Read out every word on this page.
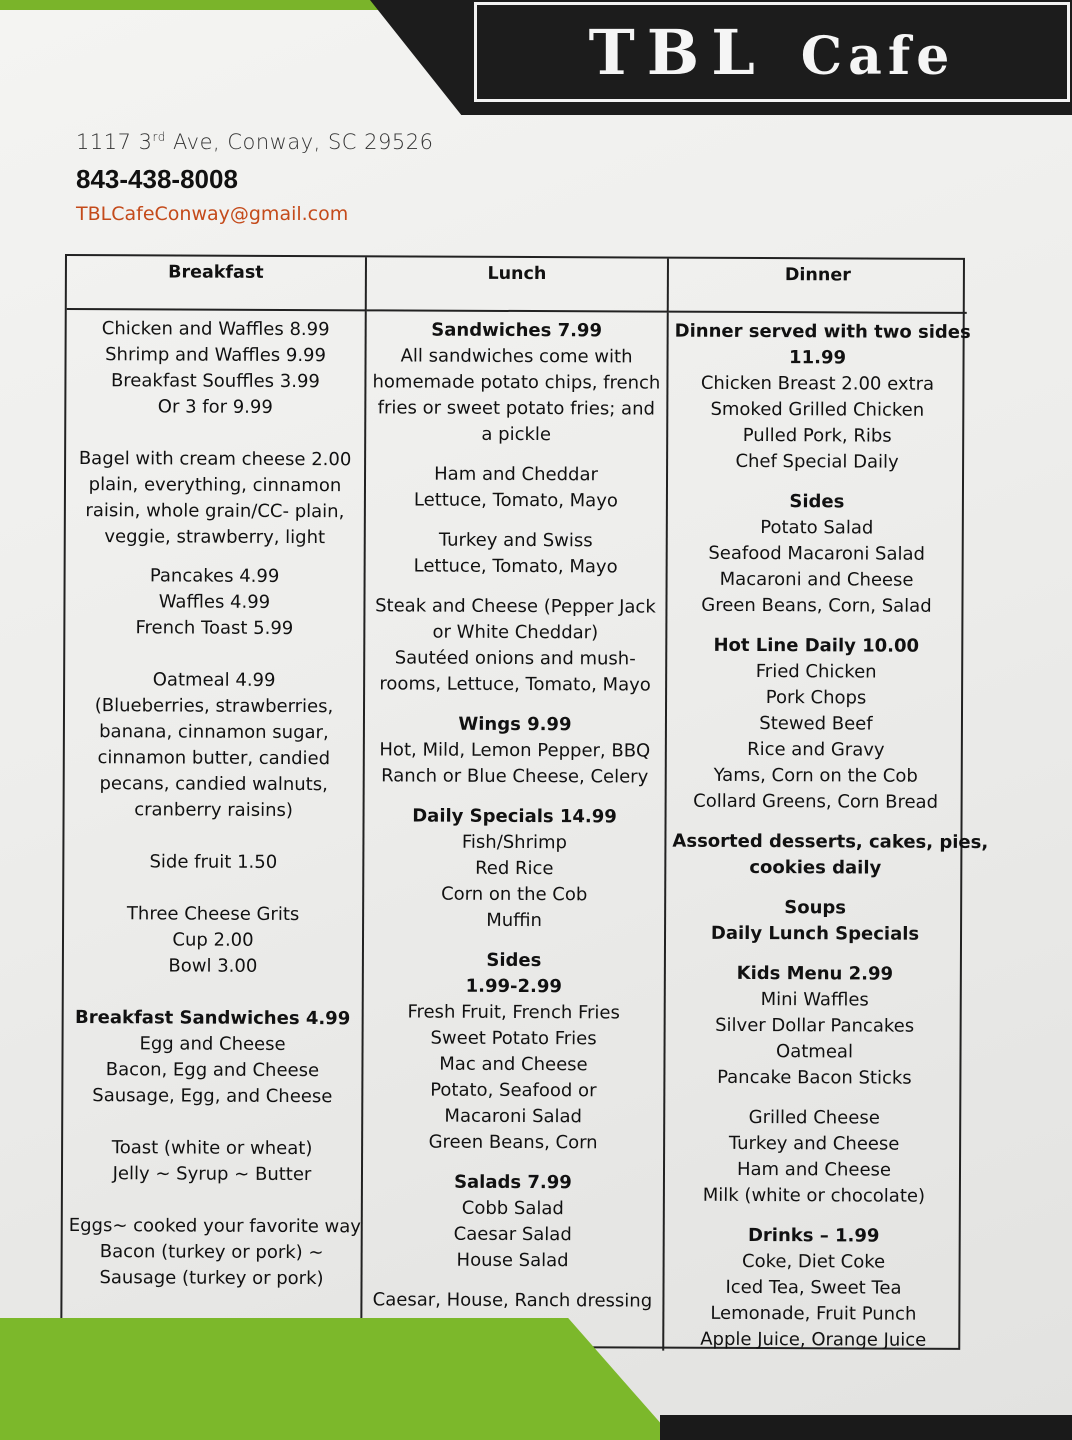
TBL Cafe
1117 3rd Ave, Conway, SC 29526
843-438-8008
TBLCafeConway@gmail.com
Breakfast	Lunch	Dinner
Chicken and Waffles 8.99
Shrimp and Waffles 9.99
Breakfast Souffles 3.99
Or 3 for 9.99
Bagel with cream cheese 2.00
plain, everything, cinnamon
raisin, whole grain/CC- plain,
veggie, strawberry, light
Pancakes 4.99
Waffles 4.99
French Toast 5.99
Oatmeal 4.99
(Blueberries, strawberries,
banana, cinnamon sugar,
cinnamon butter, candied
pecans, candied walnuts,
cranberry raisins)
Side fruit 1.50
Three Cheese Grits
Cup 2.00
Bowl 3.00
Breakfast Sandwiches 4.99
Egg and Cheese
Bacon, Egg and Cheese
Sausage, Egg, and Cheese
Toast (white or wheat)
Jelly ~ Syrup ~ Butter
Eggs~ cooked your favorite way
Bacon (turkey or pork) ~
Sausage (turkey or pork)
Sandwiches 7.99
All sandwiches come with
homemade potato chips, french
fries or sweet potato fries; and
a pickle
Ham and Cheddar
Lettuce, Tomato, Mayo
Turkey and Swiss
Lettuce, Tomato, Mayo
Steak and Cheese (Pepper Jack
or White Cheddar)
Sautéed onions and mush-
rooms, Lettuce, Tomato, Mayo
Wings 9.99
Hot, Mild, Lemon Pepper, BBQ
Ranch or Blue Cheese, Celery
Daily Specials 14.99
Fish/Shrimp
Red Rice
Corn on the Cob
Muffin
Sides
1.99-2.99
Fresh Fruit, French Fries
Sweet Potato Fries
Mac and Cheese
Potato, Seafood or
Macaroni Salad
Green Beans, Corn
Salads 7.99
Cobb Salad
Caesar Salad
House Salad
Caesar, House, Ranch dressing
Dinner served with two sides
11.99
Chicken Breast 2.00 extra
Smoked Grilled Chicken
Pulled Pork, Ribs
Chef Special Daily
Sides
Potato Salad
Seafood Macaroni Salad
Macaroni and Cheese
Green Beans, Corn, Salad
Hot Line Daily 10.00
Fried Chicken
Pork Chops
Stewed Beef
Rice and Gravy
Yams, Corn on the Cob
Collard Greens, Corn Bread
Assorted desserts, cakes, pies,
cookies daily
Soups
Daily Lunch Specials
Kids Menu 2.99
Mini Waffles
Silver Dollar Pancakes
Oatmeal
Pancake Bacon Sticks
Grilled Cheese
Turkey and Cheese
Ham and Cheese
Milk (white or chocolate)
Drinks – 1.99
Coke, Diet Coke
Iced Tea, Sweet Tea
Lemonade, Fruit Punch
Apple Juice, Orange Juice
